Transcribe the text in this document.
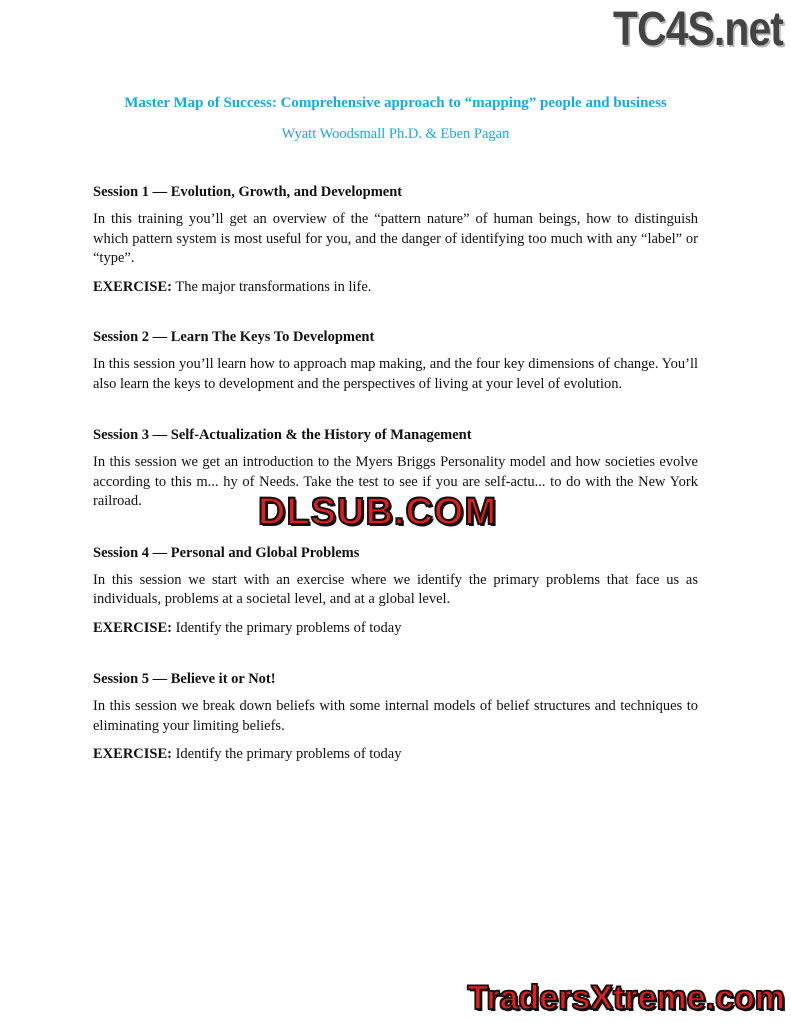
TC4S.net
Master Map of Success: Comprehensive approach to “mapping” people and business
Wyatt Woodsmall Ph.D. & Eben Pagan
Session 1 — Evolution, Growth, and Development

In this training you’ll get an overview of the “pattern nature” of human beings, how to distinguish which pattern system is most useful for you, and the danger of identifying too much with any “label” or “type”.

EXERCISE: The major transformations in life.

Session 2 — Learn The Keys To Development

In this session you’ll learn how to approach map making, and the four key dimensions of change. You’ll also learn the keys to development and the perspectives of living at your level of evolution.

Session 3 — Self-Actualization & the History of Management

In this session we get an introduction to the Myers Briggs Personality model and how societies evolve according to this m... hy of Needs. Take the test to see if you are self-actu... to do with the New York railroad.

Session 4 — Personal and Global Problems

In this session we start with an exercise where we identify the primary problems that face us as individuals, problems at a societal level, and at a global level.

EXERCISE: Identify the primary problems of today

Session 5 — Believe it or Not!

In this session we break down beliefs with some internal models of belief structures and techniques to eliminating your limiting beliefs.

EXERCISE: Identify the primary problems of today

DLSUB.COM
TradersXtreme.com
